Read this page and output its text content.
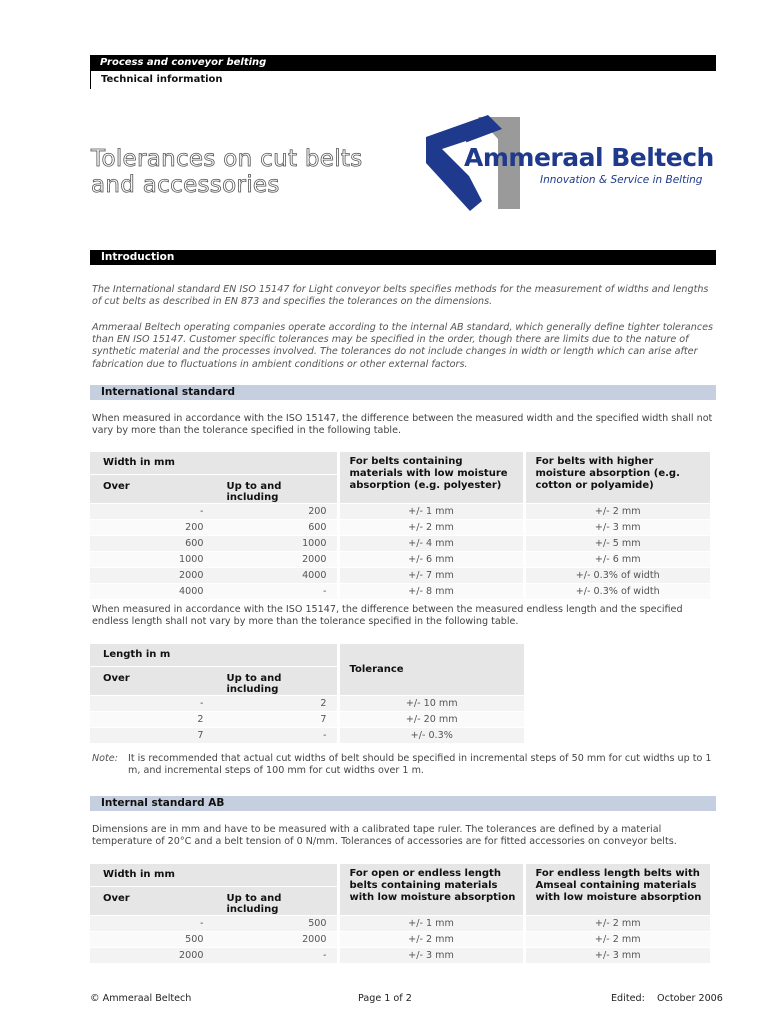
Process and conveyor belting
Technical information
Tolerances on cut belts
and accessories
Ammeraal Beltech
Innovation & Service in Belting
Introduction
The International standard EN ISO 15147 for Light conveyor belts specifies methods for the measurement of widths and lengths of cut belts as described in EN 873 and specifies the tolerances on the dimensions.
Ammeraal Beltech operating companies operate according to the internal AB standard, which generally define tighter tolerances than EN ISO 15147. Customer specific tolerances may be specified in the order, though there are limits due to the nature of synthetic material and the processes involved. The tolerances do not include changes in width or length which can arise after fabrication due to fluctuations in ambient conditions or other external factors.
International standard
When measured in accordance with the ISO 15147, the difference between the measured width and the specified width shall not vary by more than the tolerance specified in the following table.
Width in mm		For belts containing materials with low moisture absorption (e.g. polyester)	For belts with higher moisture absorption (e.g. cotton or polyamide)
Over	Up to and including		
-	200	+/- 1 mm	+/- 2 mm
200	600	+/- 2 mm	+/- 3 mm
600	1000	+/- 4 mm	+/- 5 mm
1000	2000	+/- 6 mm	+/- 6 mm
2000	4000	+/- 7 mm	+/- 0.3% of width
4000	-	+/- 8 mm	+/- 0.3% of width
When measured in accordance with the ISO 15147, the difference between the measured endless length and the specified endless length shall not vary by more than the tolerance specified in the following table.
Length in m		Tolerance
Over	Up to and including	
-	2	+/- 10 mm
2	7	+/- 20 mm
7	-	+/- 0.3%
Note:	It is recommended that actual cut widths of belt should be specified in incremental steps of 50 mm for cut widths up to 1 m, and incremental steps of 100 mm for cut widths over 1 m.
Internal standard AB
Dimensions are in mm and have to be measured with a calibrated tape ruler. The tolerances are defined by a material temperature of 20°C and a belt tension of 0 N/mm. Tolerances of accessories are for fitted accessories on conveyor belts.
Width in mm		For open or endless length belts containing materials with low moisture absorption	For endless length belts with Amseal containing materials with low moisture absorption
Over	Up to and including		
-	500	+/- 1 mm	+/- 2 mm
500	2000	+/- 2 mm	+/- 2 mm
2000	-	+/- 3 mm	+/- 3 mm
© Ammeraal Beltech	Page 1 of 2	Edited: October 2006
